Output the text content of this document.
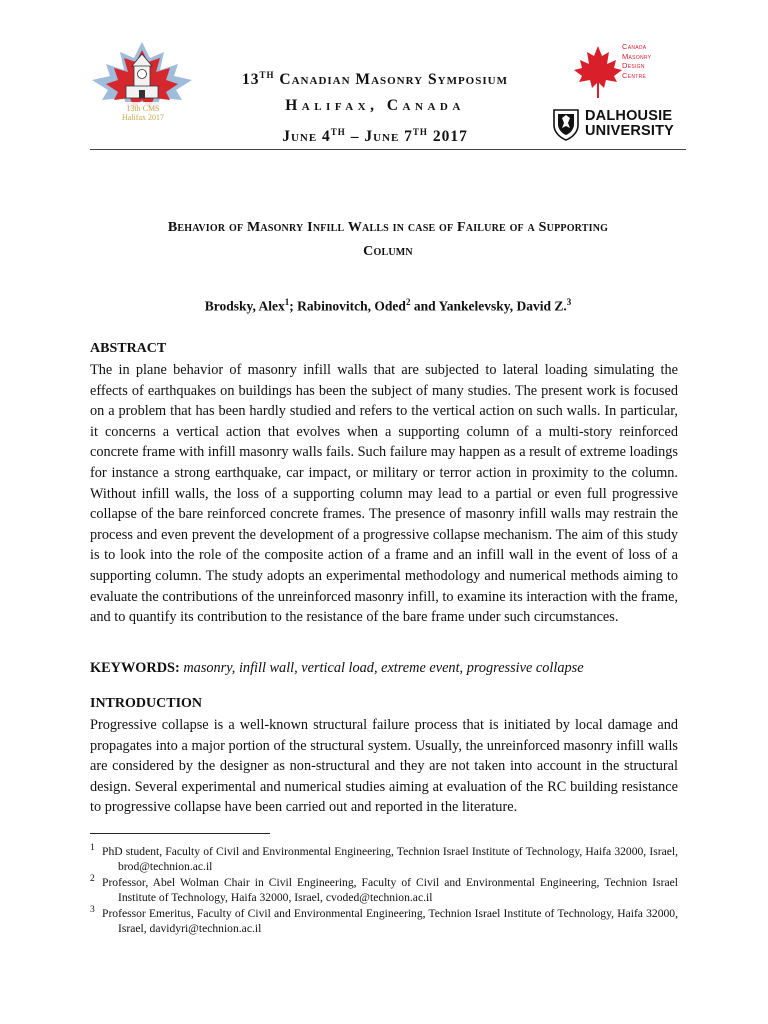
13th CMS
Halifax 2017
13TH Canadian Masonry Symposium
Halifax, Canada
June 4TH – June 7TH 2017
Canada
Masonry
Design
Centre
DALHOUSIE
UNIVERSITY
Behavior of Masonry Infill Walls in case of Failure of a Supporting
Column
Brodsky, Alex$^1$; Rabinovitch, Oded$^2$ and Yankelevsky, David Z.$^3$
ABSTRACT
The in plane behavior of masonry infill walls that are subjected to lateral loading simulating the effects of earthquakes on buildings has been the subject of many studies. The present work is focused on a problem that has been hardly studied and refers to the vertical action on such walls. In particular, it concerns a vertical action that evolves when a supporting column of a multi-story reinforced concrete frame with infill masonry walls fails. Such failure may happen as a result of extreme loadings for instance a strong earthquake, car impact, or military or terror action in proximity to the column. Without infill walls, the loss of a supporting column may lead to a partial or even full progressive collapse of the bare reinforced concrete frames. The presence of masonry infill walls may restrain the process and even prevent the development of a progressive collapse mechanism. The aim of this study is to look into the role of the composite action of a frame and an infill wall in the event of loss of a supporting column. The study adopts an experimental methodology and numerical methods aiming to evaluate the contributions of the unreinforced masonry infill, to examine its interaction with the frame, and to quantify its contribution to the resistance of the bare frame under such circumstances.
KEYWORDS: masonry, infill wall, vertical load, extreme event, progressive collapse
INTRODUCTION
Progressive collapse is a well-known structural failure process that is initiated by local damage and propagates into a major portion of the structural system. Usually, the unreinforced masonry infill walls are considered by the designer as non-structural and they are not taken into account in the structural design. Several experimental and numerical studies aiming at evaluation of the RC building resistance to progressive collapse have been carried out and reported in the literature.
$^1$ PhD student, Faculty of Civil and Environmental Engineering, Technion Israel Institute of Technology, Haifa 32000, Israel, brod@technion.ac.il
$^2$ Professor, Abel Wolman Chair in Civil Engineering, Faculty of Civil and Environmental Engineering, Technion Israel Institute of Technology, Haifa 32000, Israel, cvoded@technion.ac.il
$^3$ Professor Emeritus, Faculty of Civil and Environmental Engineering, Technion Israel Institute of Technology, Haifa 32000, Israel, davidyri@technion.ac.il
